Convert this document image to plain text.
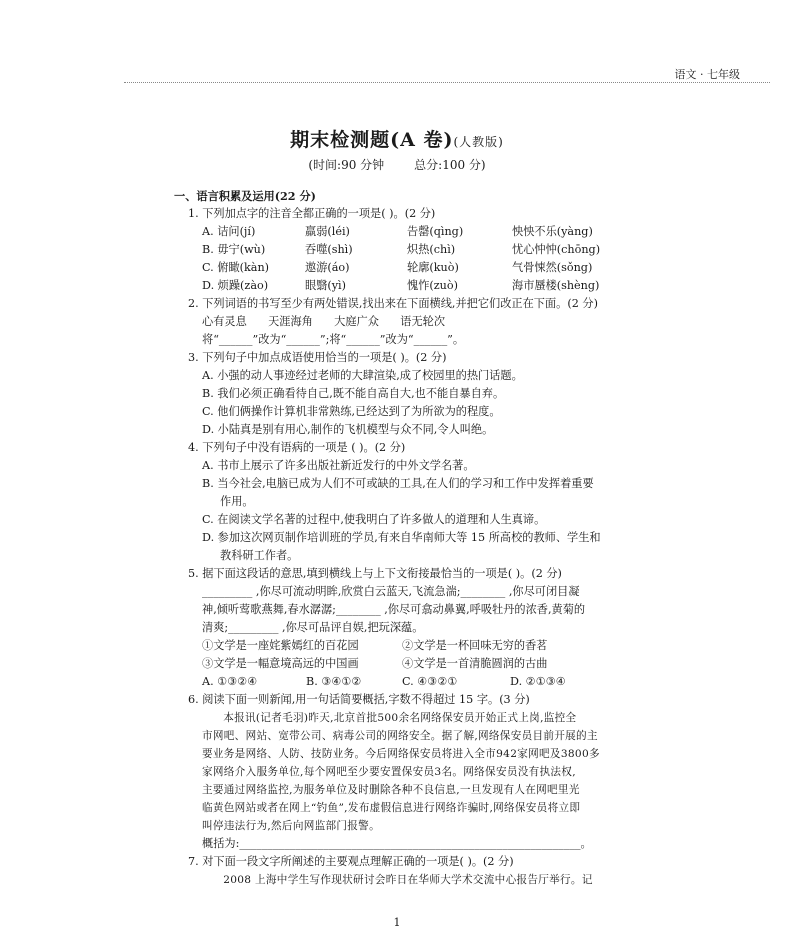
语文 · 七年级
期末检测题(A 卷)(人教版)
(时间:90 分钟	总分:100 分)
一、语言积累及运用(22 分)
1. 下列加点字的注音全都正确的一项是( )。(2 分)
A. 诘问(jí)	羸弱(léi)	告罄(qìng)	怏怏不乐(yàng)
B. 毋宁(wù)	吞噬(shì)	炽热(chì)	忧心忡忡(chōng)
C. 俯瞰(kàn)	遨游(áo)	轮廓(kuò)	气骨悚然(sǒng)
D. 烦躁(zào)	眼翳(yì)	愧怍(zuò)	海市蜃楼(shèng)
2. 下列词语的书写至少有两处错误,找出来在下面横线,并把它们改正在下面。(2 分)
心有灵息      天涯海角      大庭广众      语无轮次
将“______”改为“______”;将“______”改为“______”。
3. 下列句子中加点成语使用恰当的一项是( )。(2 分)
A. 小强的动人事迹经过老师的大肆渲染,成了校园里的热门话题。
B. 我们必须正确看待自己,既不能自高自大,也不能自暴自弃。
C. 他们俩操作计算机非常熟练,已经达到了为所欲为的程度。
D. 小陆真是别有用心,制作的飞机模型与众不同,令人叫绝。
4. 下列句子中没有语病的一项是 ( )。(2 分)
A. 书市上展示了许多出版社新近发行的中外文学名著。
B. 当今社会,电脑已成为人们不可或缺的工具,在人们的学习和工作中发挥着重要
作用。
C. 在阅读文学名著的过程中,使我明白了许多做人的道理和人生真谛。
D. 参加这次网页制作培训班的学员,有来自华南师大等 15 所高校的教师、学生和
教科研工作者。
5. 据下面这段话的意思,填到横线上与上下文衔接最恰当的一项是( )。(2 分)
_________ ,你尽可流动明眸,欣赏白云蓝天,飞流急湍;________ ,你尽可闭目凝
神,倾听莺歌燕舞,春水潺潺;________ ,你尽可翕动鼻翼,呼吸牡丹的浓香,黄菊的
清爽;_________ ,你尽可品评自娱,把玩深蕴。
①文学是一座姹紫嫣红的百花园	②文学是一杯回味无穷的香茗
③文学是一幅意境高远的中国画	④文学是一首清脆圆润的古曲
A. ①③②④	B. ③④①②	C. ④③②①	D. ②①③④
6. 阅读下面一则新闻,用一句话简要概括,字数不得超过 15 字。(3 分)
本报讯(记者毛羽)昨天,北京首批500余名网络保安员开始正式上岗,监控全
市网吧、网站、宽带公司、病毒公司的网络安全。据了解,网络保安员目前开展的主
要业务是网络、人防、技防业务。今后网络保安员将进入全市942家网吧及3800多
家网络介入服务单位,每个网吧至少要安置保安员3名。网络保安员没有执法权,
主要通过网络监控,为服务单位及时删除各种不良信息,一旦发现有人在网吧里光
临黄色网站或者在网上“钓鱼”,发布虚假信息进行网络诈骗时,网络保安员将立即
叫停违法行为,然后向网监部门报警。
概括为:_____________________________________________________________。
7. 对下面一段文字所阐述的主要观点理解正确的一项是( )。(2 分)
2008 上海中学生写作现状研讨会昨日在华师大学术交流中心报告厅举行。记
1
